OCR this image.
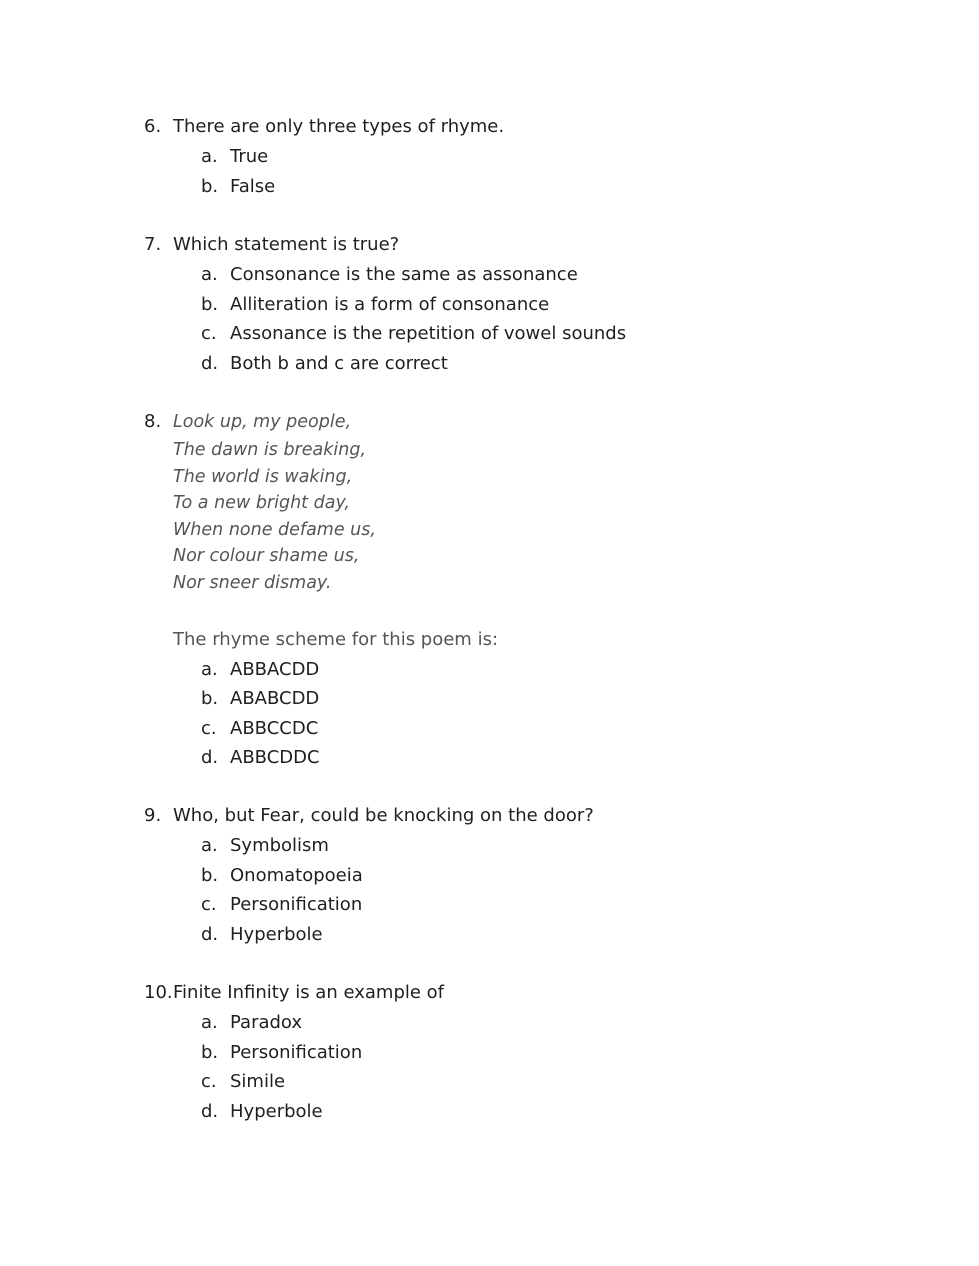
6. There are only three types of rhyme.
a. True
b. False
7. Which statement is true?
a. Consonance is the same as assonance
b. Alliteration is a form of consonance
c. Assonance is the repetition of vowel sounds
d. Both b and c are correct
8. Look up, my people,
The dawn is breaking,
The world is waking,
To a new bright day,
When none defame us,
Nor colour shame us,
Nor sneer dismay.
The rhyme scheme for this poem is:
a. ABBACDD
b. ABABCDD
c. ABBCCDC
d. ABBCDDC
9. Who, but Fear, could be knocking on the door?
a. Symbolism
b. Onomatopoeia
c. Personification
d. Hyperbole
10. Finite Infinity is an example of
a. Paradox
b. Personification
c. Simile
d. Hyperbole
